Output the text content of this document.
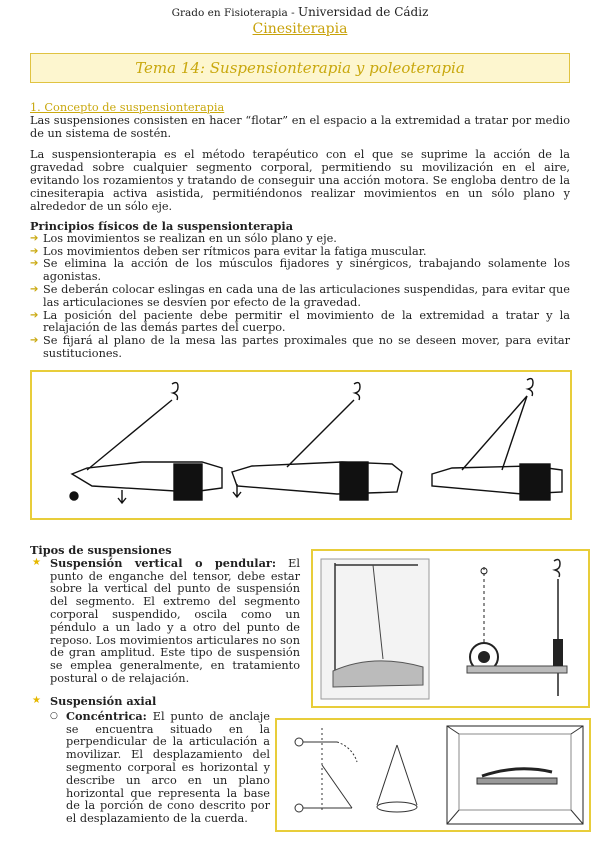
Grado en Fisioterapia - Universidad de Cádiz
Cinesiterapia
Tema 14: Suspensionterapia y poleoterapia
1. Concepto de suspensionterapia

Las suspensiones consisten en hacer “flotar” en el espacio a la extremidad a tratar por medio de un sistema de sostén.

La suspensionterapia es el método terapéutico con el que se suprime la acción de la gravedad sobre cualquier segmento corporal, permitiendo su movilización en el aire, evitando los rozamientos y tratando de conseguir una acción motora. Se engloba dentro de la cinesiterapia activa asistida, permitiéndonos realizar movimientos en un sólo plano y alrededor de un sólo eje.

Principios físicos de la suspensionterapia
➔ Los movimientos se realizan en un sólo plano y eje.
➔ Los movimientos deben ser rítmicos para evitar la fatiga muscular.
➔ Se elimina la acción de los músculos fijadores y sinérgicos, trabajando solamente los agonistas.
➔ Se deberán colocar eslingas en cada una de las articulaciones suspendidas, para evitar que las articulaciones se desvíen por efecto de la gravedad.
➔ La posición del paciente debe permitir el movimiento de la extremidad a tratar y la relajación de las demás partes del cuerpo.
➔ Se fijará al plano de la mesa las partes proximales que no se deseen mover, para evitar sustituciones.
Tipos de suspensiones
★ Suspensión vertical o pendular: El punto de enganche del tensor, debe estar sobre la vertical del punto de suspensión del segmento. El extremo del segmento corporal suspendido, oscila como un péndulo a un lado y a otro del punto de reposo. Los movimientos articulares no son de gran amplitud. Este tipo de suspensión se emplea generalmente, en tratamiento postural o de relajación.

★ Suspensión axial
○ Concéntrica: El punto de anclaje se encuentra situado en la perpendicular de la articulación a movilizar. El desplazamiento del segmento corporal es horizontal y describe un arco en un plano horizontal que representa la base de la porción de cono descrito por el desplazamiento de la cuerda.
